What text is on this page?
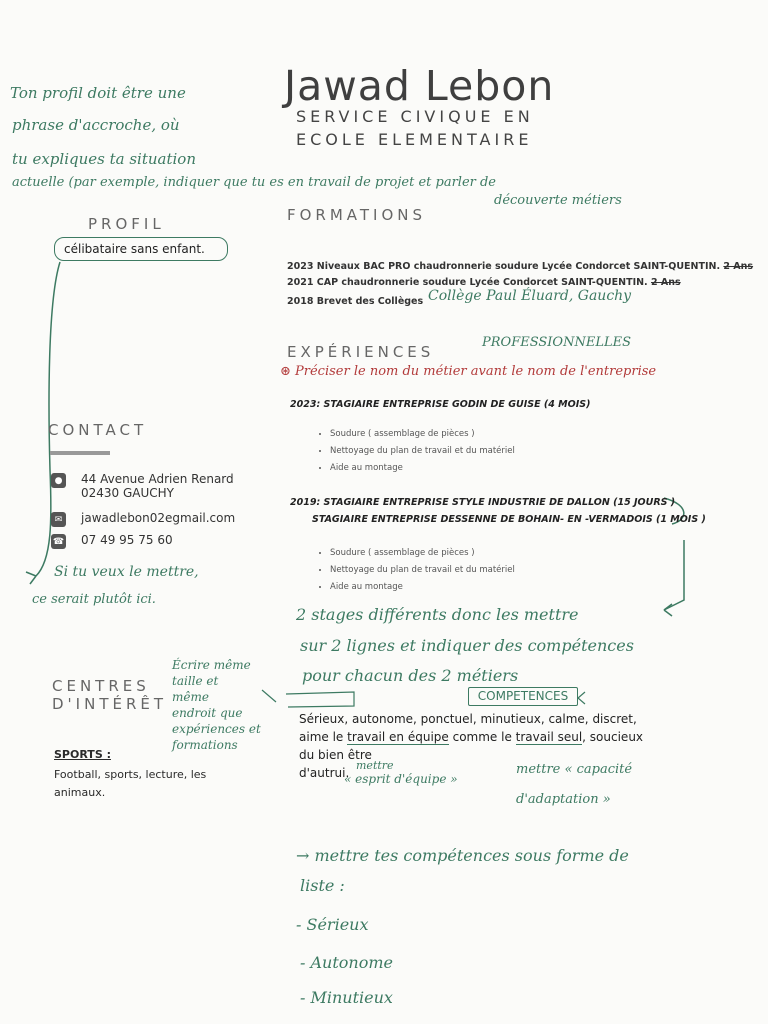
Jawad Lebon
SERVICE CIVIQUE EN
ECOLE ELEMENTAIRE
Ton profil doit être une
phrase d'accroche, où
tu expliques ta situation
actuelle (par exemple, indiquer que tu es en travail de projet et parler de
découverte métiers
PROFIL
célibataire sans enfant.
FORMATIONS
2023 Niveaux BAC PRO chaudronnerie soudure Lycée Condorcet SAINT-QUENTIN. 2 Ans
2021 CAP chaudronnerie soudure Lycée Condorcet SAINT-QUENTIN. 2 Ans
2018 Brevet des Collèges Collège Paul Éluard, Gauchy
EXPÉRIENCES
PROFESSIONNELLES
⊛ Préciser le nom du métier avant le nom de l'entreprise
2023: STAGIAIRE ENTREPRISE GODIN DE GUISE (4 MOIS)
• Soudure ( assemblage de pièces )
• Nettoyage du plan de travail et du matériel
• Aide au montage
2019: STAGIAIRE ENTREPRISE STYLE INDUSTRIE DE DALLON (15 JOURS )
STAGIAIRE ENTREPRISE DESSENNE DE BOHAIN- EN -VERMADOIS (1 MOIS )
• Soudure ( assemblage de pièces )
• Nettoyage du plan de travail et du matériel
• Aide au montage
CONTACT
● 44 Avenue Adrien Renard
02430 GAUCHY
✉	jawadlebon02egmail.com
☎ 07 49 95 75 60
Si tu veux le mettre,
ce serait plutôt ici.
2 stages différents donc les mettre
sur 2 lignes et indiquer des compétences
pour chacun des 2 métiers
CENTRES
D'INTÉRÊT
Écrire même
taille et
même
endroit que
expériences et
formations
SPORTS :
Football, sports, lecture, les animaux.
COMPETENCES
Sérieux, autonome, ponctuel, minutieux, calme, discret,
aime le travail en équipe comme le travail seul, soucieux du bien être
d'autrui.
mettre
« esprit d'équipe »
mettre « capacité
d'adaptation »
→ mettre tes compétences sous forme de
liste :
- Sérieux
- Autonome
- Minutieux
